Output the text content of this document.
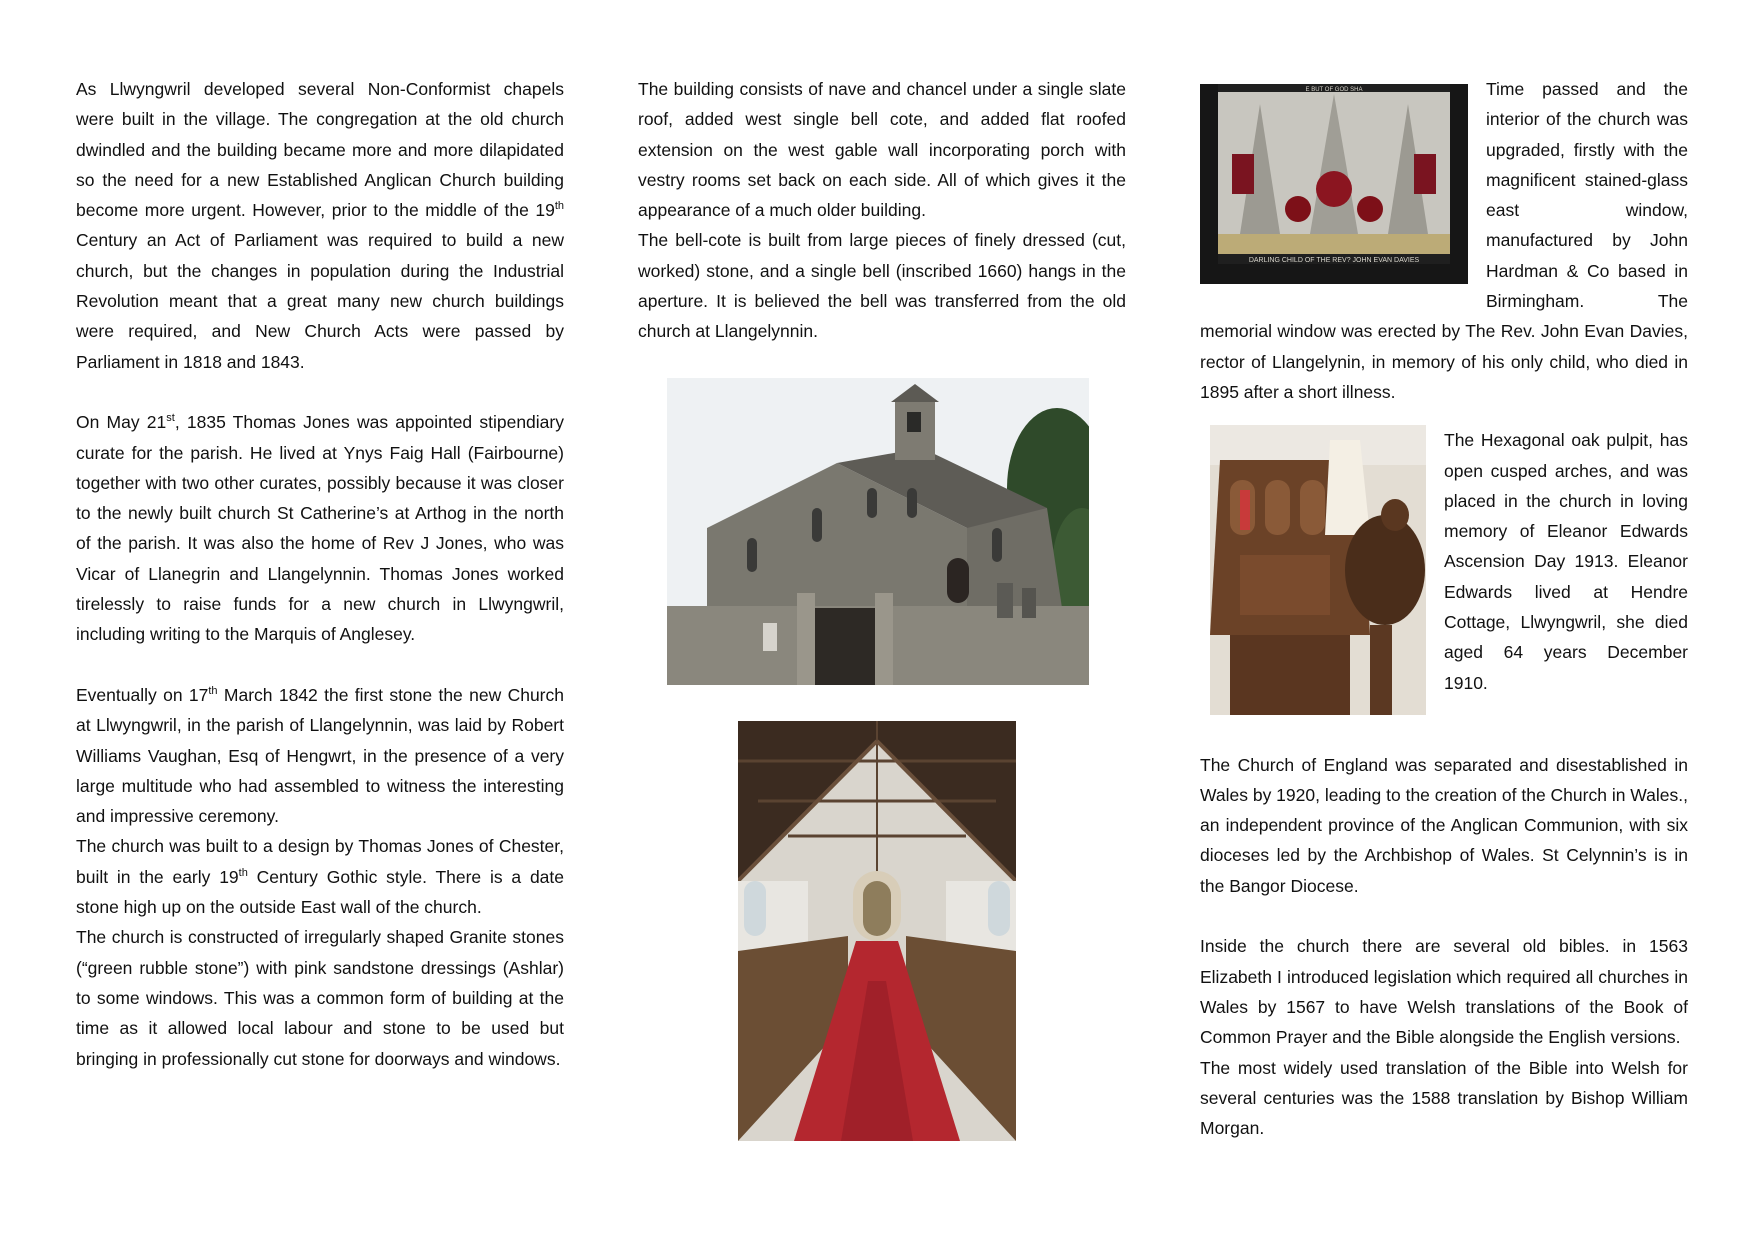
As Llwyngwril developed several Non-Conformist chapels were built in the village. The congregation at the old church dwindled and the building became more and more dilapidated so the need for a new Established Anglican Church building become more urgent. However, prior to the middle of the 19th Century an Act of Parliament was required to build a new church, but the changes in population during the Industrial Revolution meant that a great many new church buildings were required, and New Church Acts were passed by Parliament in 1818 and 1843.

On May 21st, 1835 Thomas Jones was appointed stipendiary curate for the parish. He lived at Ynys Faig Hall (Fairbourne) together with two other curates, possibly because it was closer to the newly built church St Catherine’s at Arthog in the north of the parish. It was also the home of Rev J Jones, who was Vicar of Llanegrin and Llangelynnin. Thomas Jones worked tirelessly to raise funds for a new church in Llwyngwril, including writing to the Marquis of Anglesey.

Eventually on 17th March 1842 the first stone the new Church at Llwyngwril, in the parish of Llangelynnin, was laid by Robert Williams Vaughan, Esq of Hengwrt, in the presence of a very large multitude who had assembled to witness the interesting and impressive ceremony.

The church was built to a design by Thomas Jones of Chester, built in the early 19th Century Gothic style. There is a date stone high up on the outside East wall of the church.

The church is constructed of irregularly shaped Granite stones (“green rubble stone”) with pink sandstone dressings (Ashlar) to some windows. This was a common form of building at the time as it allowed local labour and stone to be used but bringing in professionally cut stone for doorways and windows.

The building consists of nave and chancel under a single slate roof, added west single bell cote, and added flat roofed extension on the west gable wall incorporating porch with vestry rooms set back on each side. All of which gives it the appearance of a much older building.

The bell-cote is built from large pieces of finely dressed (cut, worked) stone, and a single bell (inscribed 1660) hangs in the aperture. It is believed the bell was transferred from the old church at Llangelynnin.

DARLING CHILD OF THE REV? JOHN EVAN DAVIES
E BUT OF GOD SHA	Time passed and the interior of the church was upgraded, firstly with the magnificent stained-glass east window, manufactured by John Hardman & Co based in Birmingham. The memorial window was erected by The Rev. John Evan Davies, rector of Llangelynin, in memory of his only child, who died in 1895 after a short illness.

The Hexagonal oak pulpit, has open cusped arches, and was placed in the church in loving memory of Eleanor Edwards Ascension Day 1913. Eleanor Edwards lived at Hendre Cottage, Llwyngwril, she died aged 64 years December 1910.

The Church of England was separated and disestablished in Wales by 1920, leading to the creation of the Church in Wales., an independent province of the Anglican Communion, with six dioceses led by the Archbishop of Wales. St Celynnin’s is in the Bangor Diocese.

Inside the church there are several old bibles. in 1563 Elizabeth I introduced legislation which required all churches in Wales by 1567 to have Welsh translations of the Book of Common Prayer and the Bible alongside the English versions.

The most widely used translation of the Bible into Welsh for several centuries was the 1588 translation by Bishop William Morgan.
